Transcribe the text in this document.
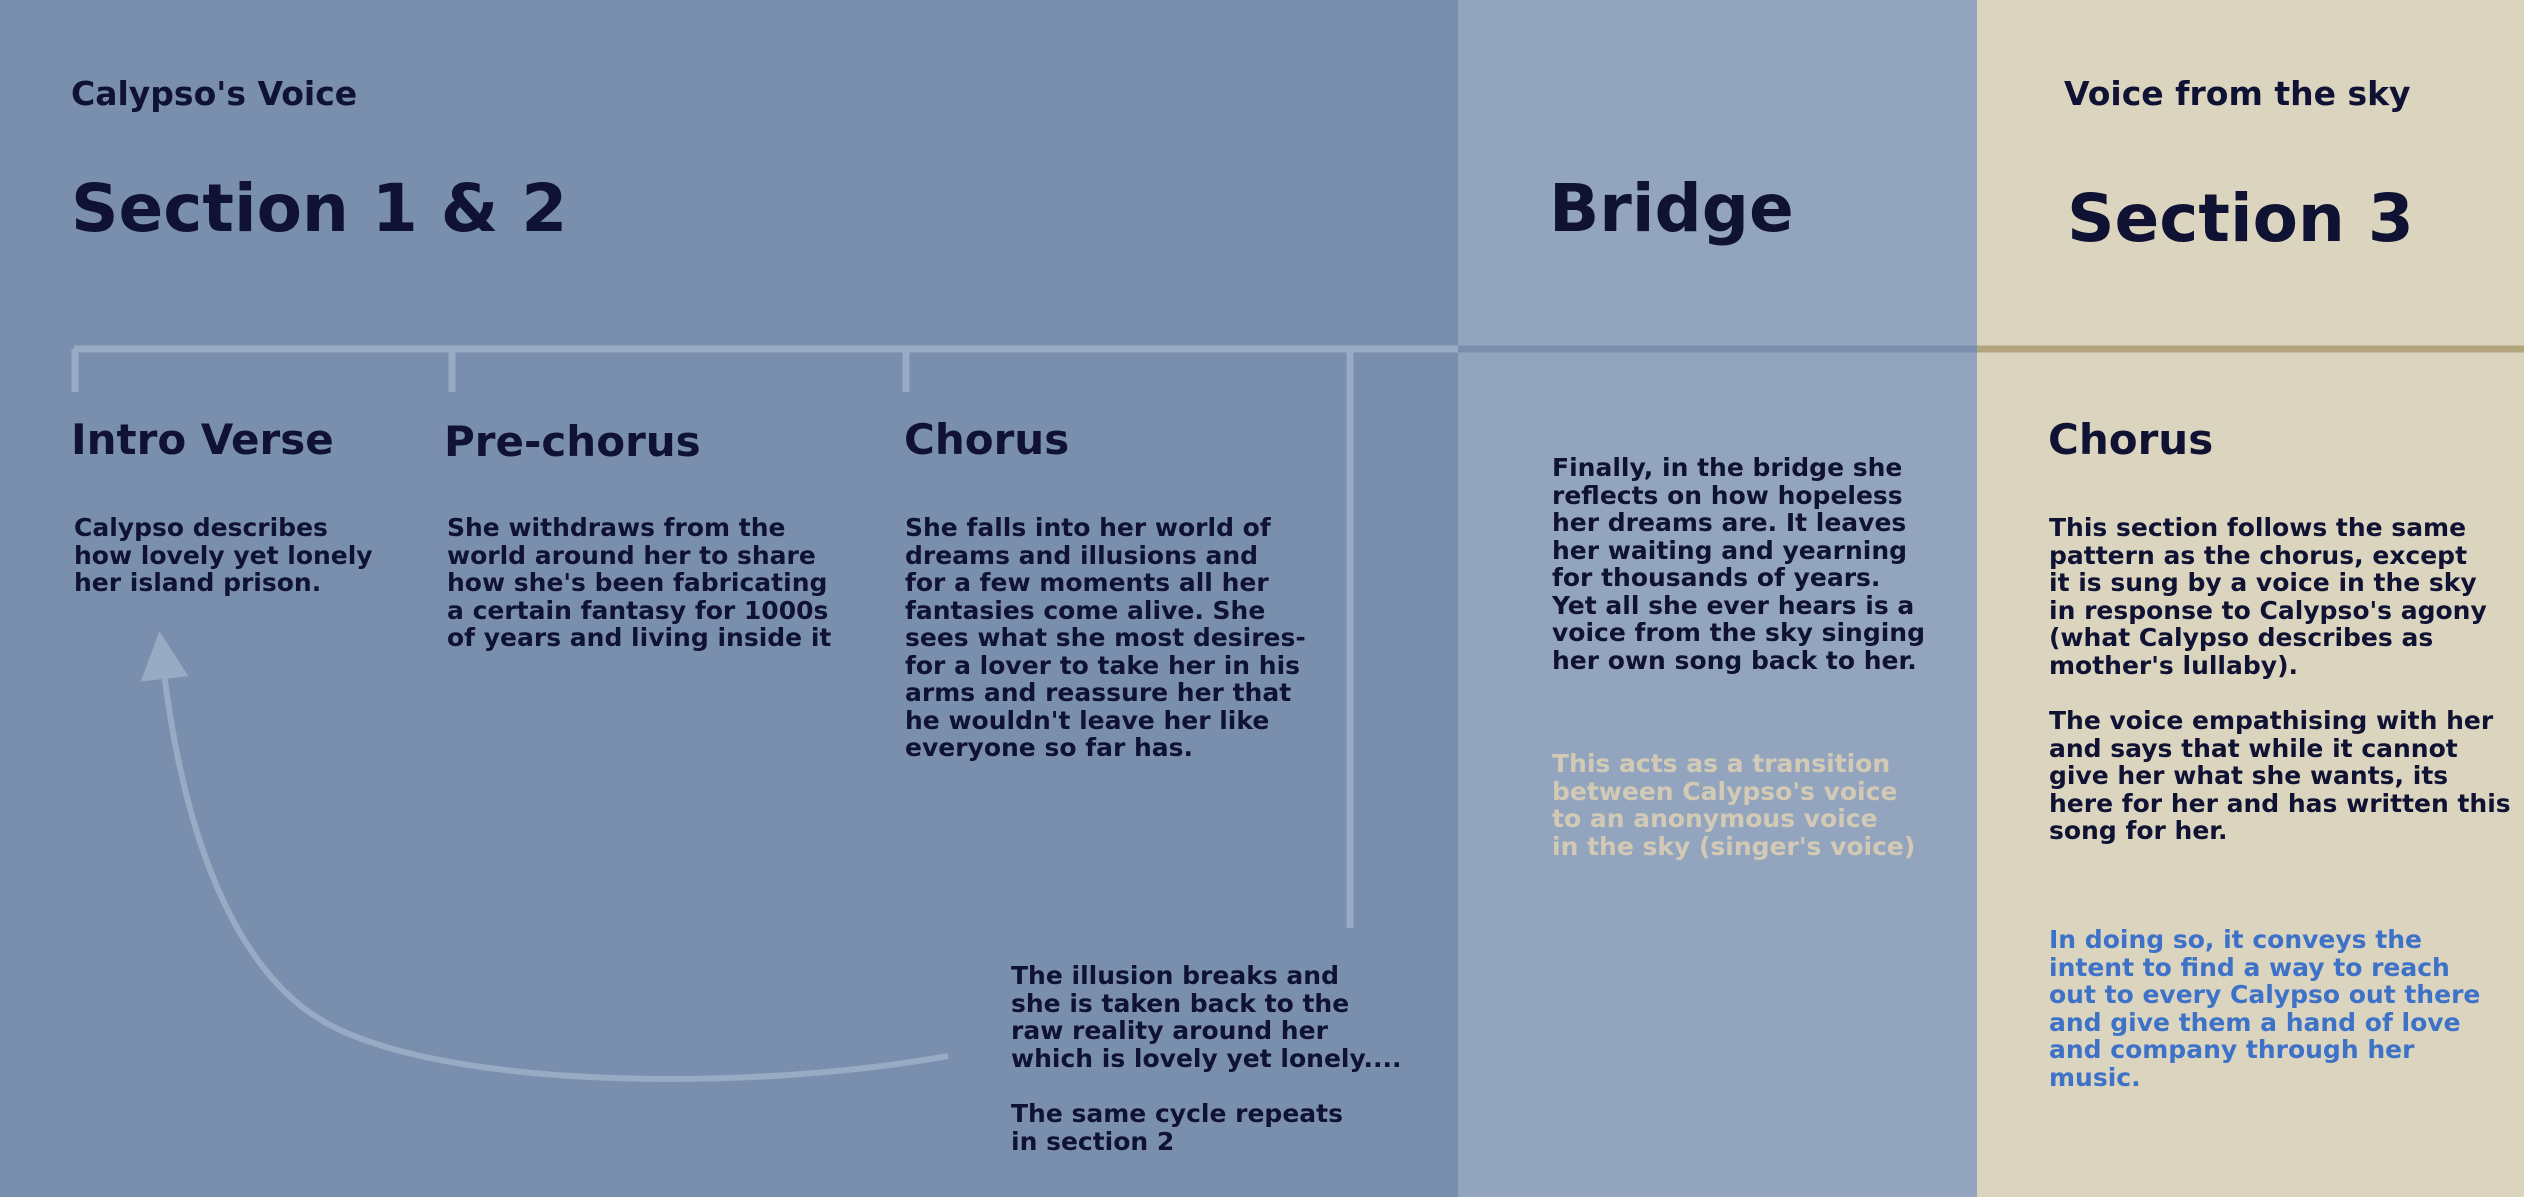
Calypso's Voice

Section 1 & 2
Intro Verse

Calypso describes
how lovely yet lonely
her island prison.

Pre-chorus

She withdraws from the
world around her to share
how she's been fabricating
a certain fantasy for 1000s
of years and living inside it

Chorus

She falls into her world of
dreams and illusions and
for a few moments all her
fantasies come alive. She
sees what she most desires-
for a lover to take her in his
arms and reassure her that
he wouldn't leave her like
everyone so far has.

The illusion breaks and
she is taken back to the
raw reality around her
which is lovely yet lonely....

The same cycle repeats
in section 2

Bridge

Finally, in the bridge she
reflects on how hopeless
her dreams are. It leaves
her waiting and yearning
for thousands of years.
Yet all she ever hears is a
voice from the sky singing
her own song back to her.

This acts as a transition
between Calypso's voice
to an anonymous voice
in the sky (singer's voice)

Voice from the sky

Section 3
Chorus

This section follows the same
pattern as the chorus, except
it is sung by a voice in the sky
in response to Calypso's agony
(what Calypso describes as
mother's lullaby).

The voice empathising with her
and says that while it cannot
give her what she wants, its
here for her and has written this
song for her.

In doing so, it conveys the
intent to find a way to reach
out to every Calypso out there
and give them a hand of love
and company through her
music.
